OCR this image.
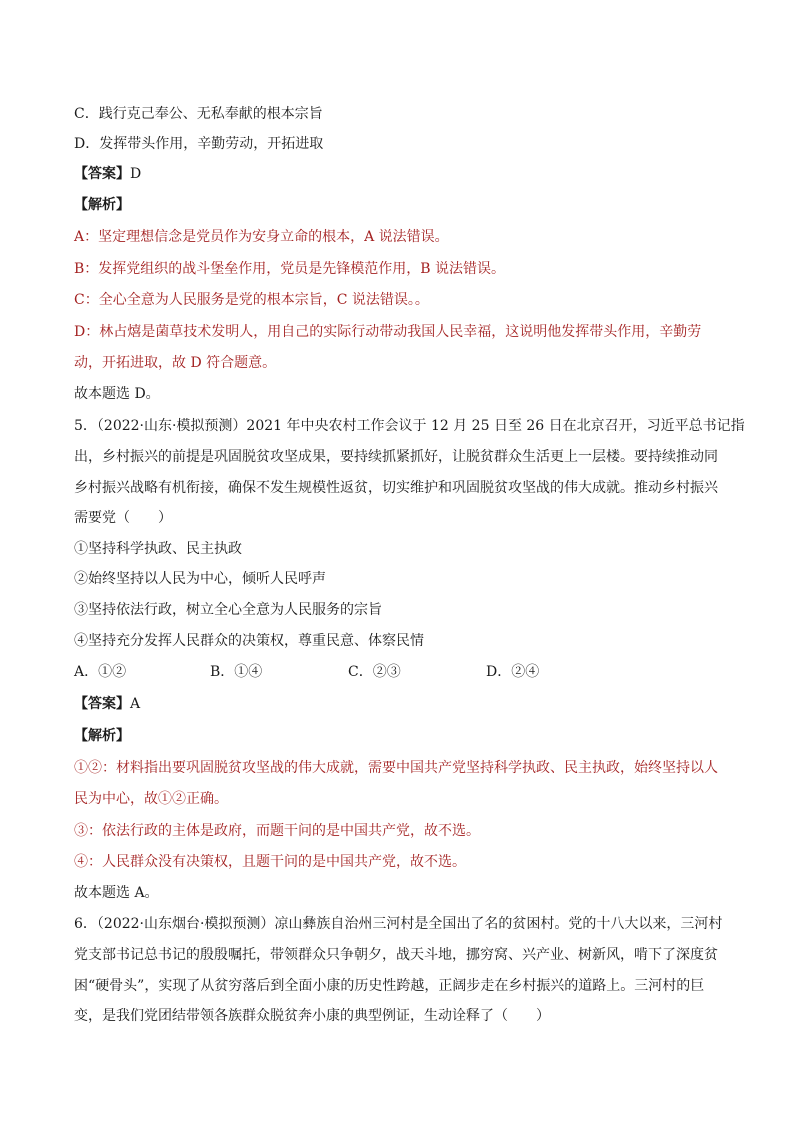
C．践行克己奉公、无私奉献的根本宗旨
D．发挥带头作用，辛勤劳动，开拓进取
【答案】D
【解析】
A：坚定理想信念是党员作为安身立命的根本，A 说法错误。
B：发挥党组织的战斗堡垒作用，党员是先锋模范作用，B 说法错误。
C：全心全意为人民服务是党的根本宗旨，C 说法错误。。
D：林占熺是菌草技术发明人，用自己的实际行动带动我国人民幸福，这说明他发挥带头作用，辛勤劳
动，开拓进取，故 D 符合题意。
故本题选 D。
5．（2022·山东·模拟预测）2021 年中央农村工作会议于 12 月 25 日至 26 日在北京召开，习近平总书记指
出，乡村振兴的前提是巩固脱贫攻坚成果，要持续抓紧抓好，让脱贫群众生活更上一层楼。要持续推动同
乡村振兴战略有机衔接，确保不发生规模性返贫，切实维护和巩固脱贫攻坚战的伟大成就。推动乡村振兴
需要党（　　）
①坚持科学执政、民主执政
②始终坚持以人民为中心，倾听人民呼声
③坚持依法行政，树立全心全意为人民服务的宗旨
④坚持充分发挥人民群众的决策权，尊重民意、体察民情
A．①②	B．①④	C．②③	D．②④
【答案】A
【解析】
①②：材料指出要巩固脱贫攻坚战的伟大成就，需要中国共产党坚持科学执政、民主执政，始终坚持以人
民为中心，故①②正确。
③：依法行政的主体是政府，而题干问的是中国共产党，故不选。
④：人民群众没有决策权，且题干问的是中国共产党，故不选。
故本题选 A。
6．（2022·山东烟台·模拟预测）凉山彝族自治州三河村是全国出了名的贫困村。党的十八大以来，三河村
党支部书记总书记的殷殷嘱托，带领群众只争朝夕，战天斗地，挪穷窝、兴产业、树新风，啃下了深度贫
困“硬骨头”，实现了从贫穷落后到全面小康的历史性跨越，正阔步走在乡村振兴的道路上。三河村的巨
变，是我们党团结带领各族群众脱贫奔小康的典型例证，生动诠释了（　　）
